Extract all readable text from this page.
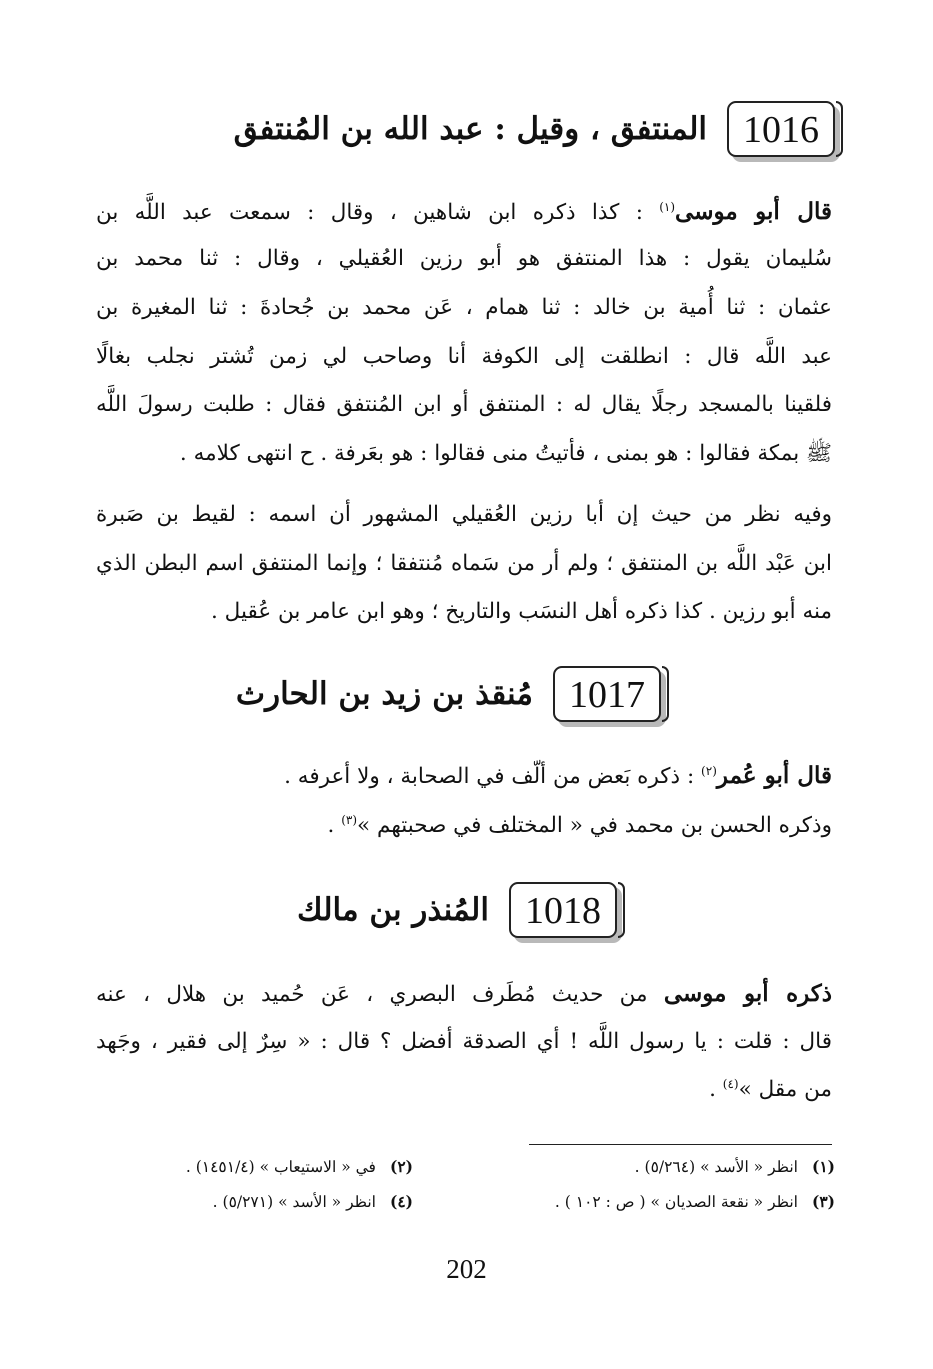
1016
المنتفق ، وقيل : عبد الله بن المُنتفق
قال أبو موسى$^{(١)}$ : كذا ذكره ابن شاهين ، وقال : سمعت عبد اللَّه بن
سُليمان يقول : هذا المنتفق هو أبو رزين العُقيلي ، وقال : ثنا محمد بن
عثمان : ثنا أُمية بن خالد : ثنا همام ، عَن محمد بن جُحادةَ : ثنا المغيرة بن
عبد اللَّه قال : انطلقت إلى الكوفة أنا وصاحب لي زمن تُشتر نجلب بغالًا
فلقينا بالمسجد رجلًا يقال له : المنتفق أو ابن المُنتفق فقال : طلبت رسولَ اللَّه
ﷺ بمكة فقالوا : هو بمنى ، فأتيتُ منى فقالوا : هو بعَرفة . ح انتهى كلامه .
وفيه نظر من حيث إن أبا رزين العُقيلي المشهور أن اسمه : لقيط بن صَبرة
ابن عَبْد اللَّه بن المنتفق ؛ ولم أر من سَماه مُنتفقا ؛ وإنما المنتفق اسم البطن الذي
منه أبو رزين . كذا ذكره أهل النسَب والتاريخ ؛ وهو ابن عامر بن عُقيل .
1017
مُنقذ بن زيد بن الحارث
قال أبو عُمر$^{(٢)}$ : ذكره بَعض من ألّف في الصحابة ، ولا أعرفه .
وذكره الحسن بن محمد في « المختلف في صحبتهم »$^{(٣)}$ .
1018
المُنذر بن مالك
ذكره أبو موسى من حديث مُطَرف البصري ، عَن حُميد بن هلال ، عنه
قال : قلت : يا رسول اللَّه ! أي الصدقة أفضل ؟ قال : « سِرٌ إلى فقير ، وجَهد
من مقل »$^{(٤)}$ .
(١)انظر « الأسد » (٥/٢٦٤) .
(٢)في « الاستيعاب » (١٤٥١/٤) .
(٣)انظر « نقعة الصديان » ( ص : ١٠٢ ) .
(٤)انظر « الأسد » (٥/٢٧١) .
202
